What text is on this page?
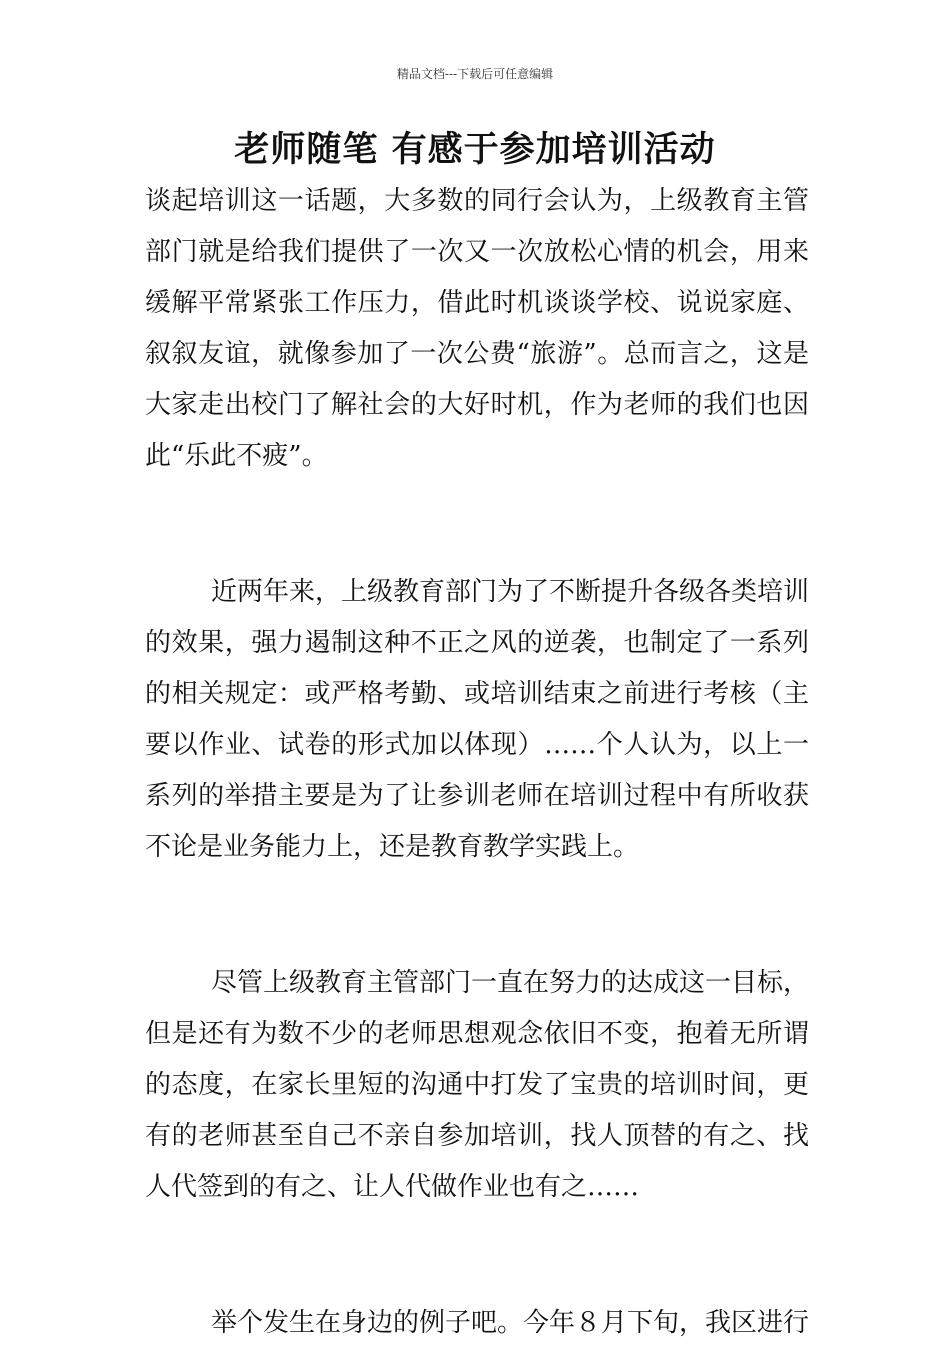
精品文档---下载后可任意编辑
老师随笔 有感于参加培训活动

谈起培训这一话题，大多数的同行会认为，上级教育主管部门就是给我们提供了一次又一次放松心情的机会，用来缓解平常紧张工作压力，借此时机谈谈学校、说说家庭、叙叙友谊，就像参加了一次公费“旅游”。总而言之，这是大家走出校门了解社会的大好时机，作为老师的我们也因此“乐此不疲”。

近两年来，上级教育部门为了不断提升各级各类培训的效果，强力遏制这种不正之风的逆袭，也制定了一系列的相关规定：或严格考勤、或培训结束之前进行考核（主要以作业、试卷的形式加以体现）……个人认为，以上一系列的举措主要是为了让参训老师在培训过程中有所收获不论是业务能力上，还是教育教学实践上。

尽管上级教育主管部门一直在努力的达成这一目标，但是还有为数不少的老师思想观念依旧不变，抱着无所谓的态度，在家长里短的沟通中打发了宝贵的培训时间，更有的老师甚至自己不亲自参加培训，找人顶替的有之、找人代签到的有之、让人代做作业也有之……

举个发生在身边的例子吧。今年８月下旬，我区进行
